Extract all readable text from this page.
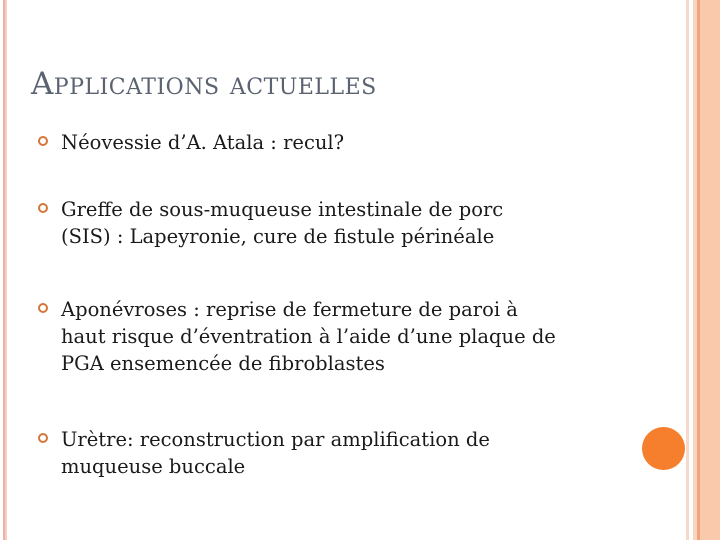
Applications actuelles
Néovessie d’A. Atala : recul?
Greffe de sous-muqueuse intestinale de porc
(SIS) : Lapeyronie, cure de fistule périnéale
Aponévroses : reprise de fermeture de paroi à
haut risque d’éventration à l’aide d’une plaque de
PGA ensemencée de fibroblastes
Urètre: reconstruction par amplification de
muqueuse buccale
